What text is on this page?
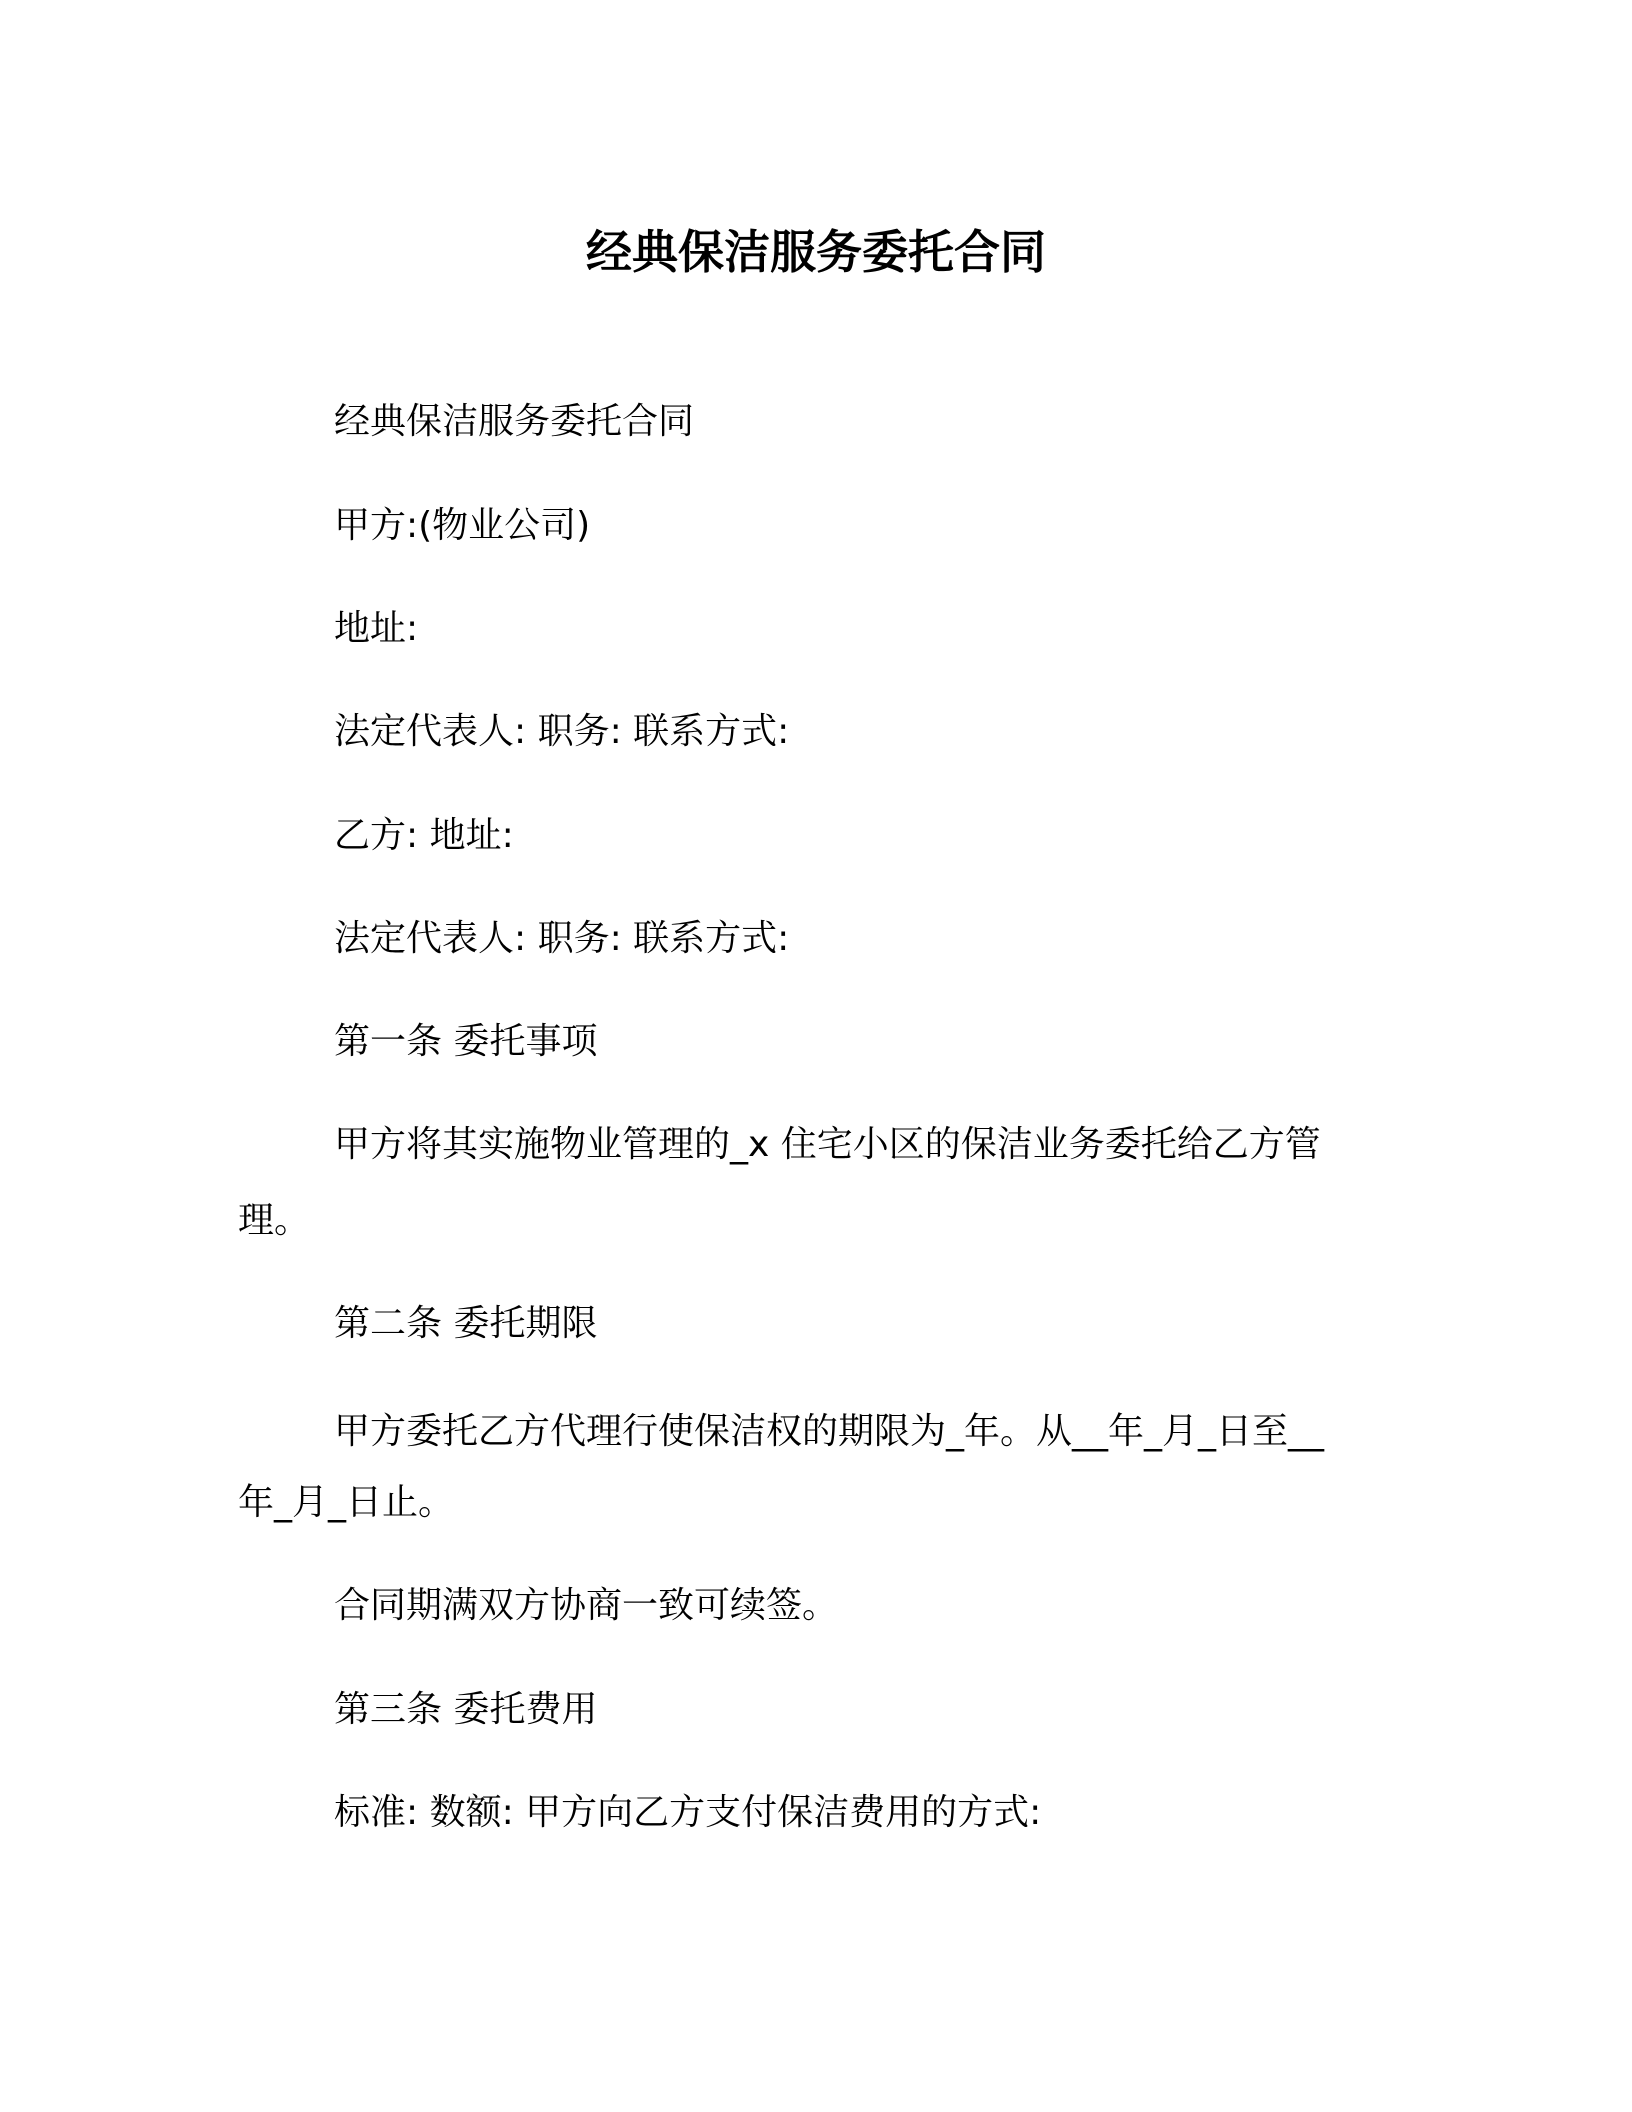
经典保洁服务委托合同
经典保洁服务委托合同
甲方:(物业公司)
地址:
法定代表人: 职务: 联系方式:
乙方: 地址:
法定代表人: 职务: 联系方式:
第一条 委托事项
甲方将其实施物业管理的_x 住宅小区的保洁业务委托给乙方管
理。
第二条 委托期限
甲方委托乙方代理行使保洁权的期限为_年。从__年_月_日至__
年_月_日止。
合同期满双方协商一致可续签。
第三条 委托费用
标准: 数额: 甲方向乙方支付保洁费用的方式:
